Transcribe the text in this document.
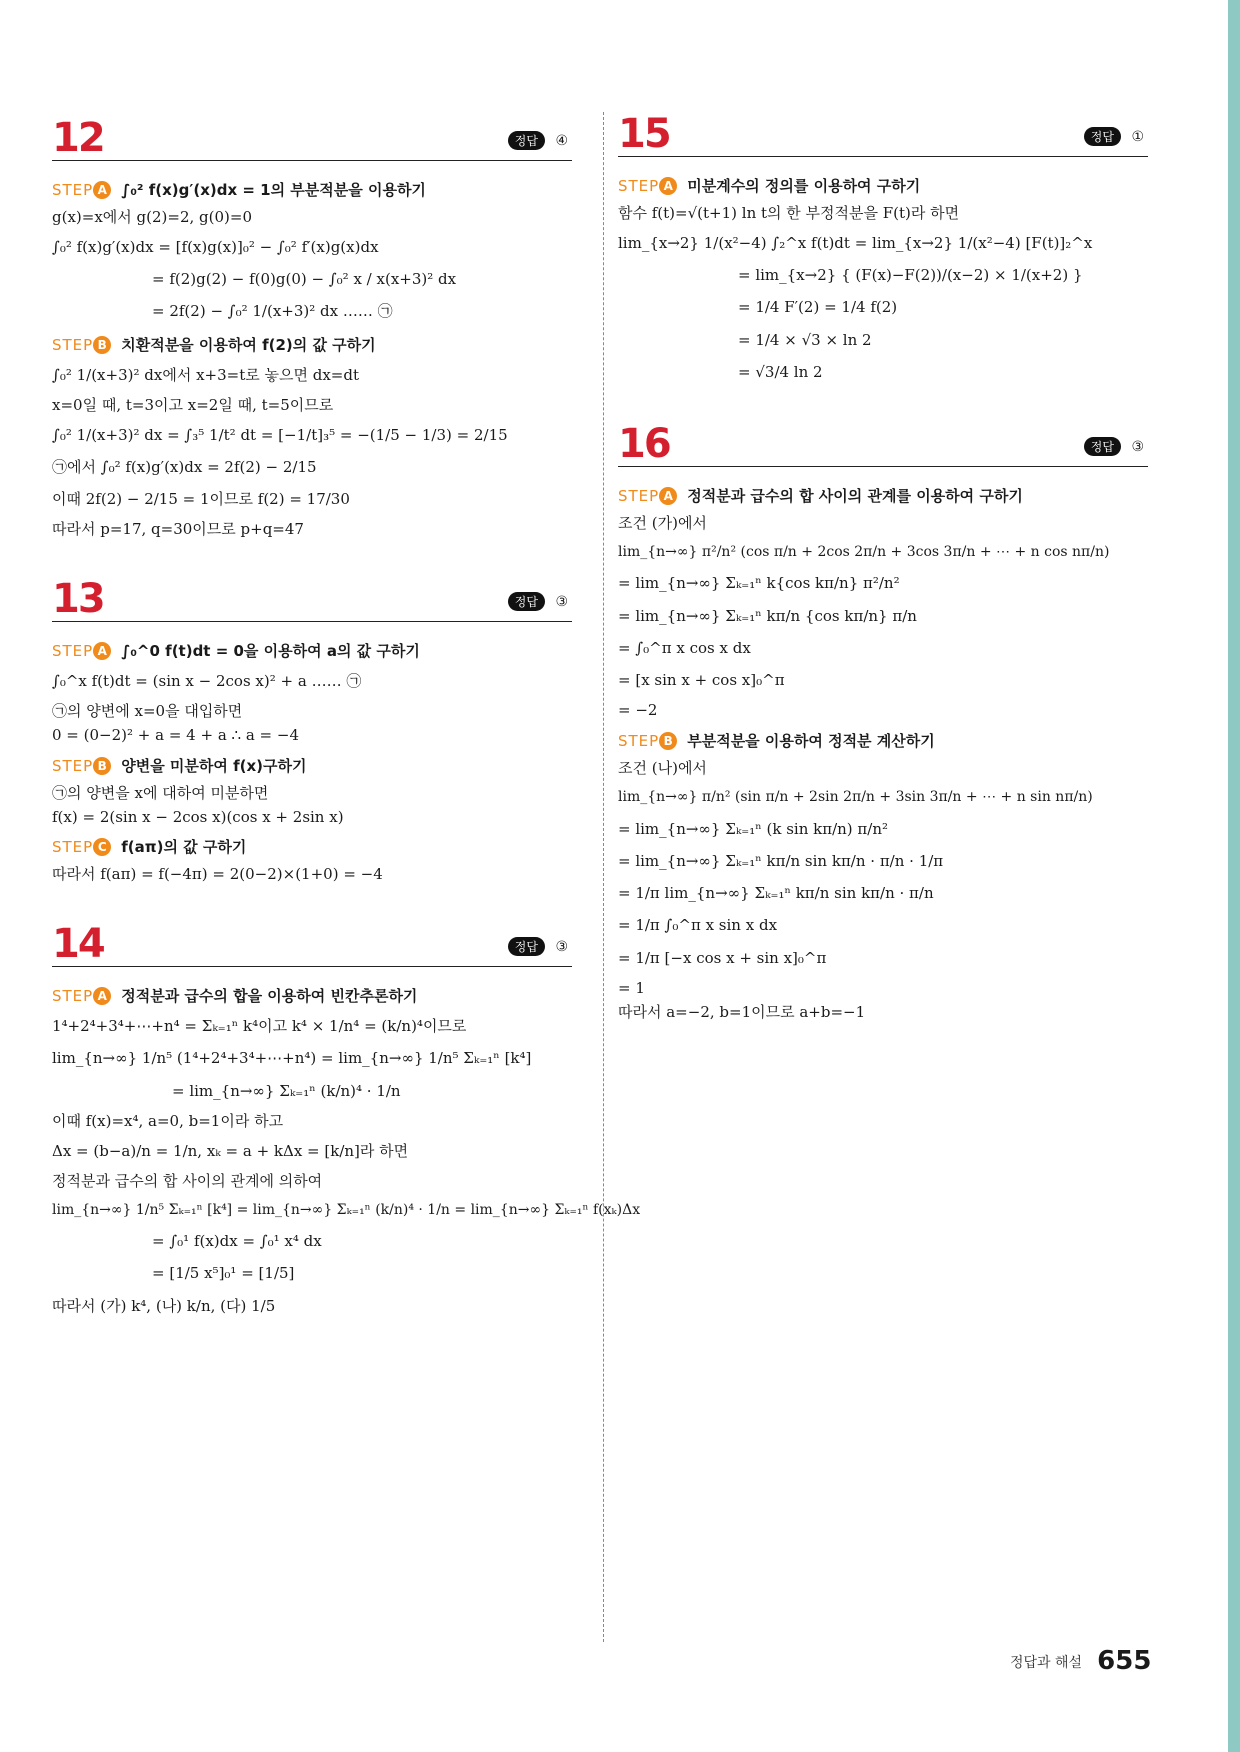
12	정답 ④
STEP A ∫₀² f(x)g′(x)dx = 1의 부분적분을 이용하기
g(x)=x에서 g(2)=2, g(0)=0
∫₀² f(x)g′(x)dx = [f(x)g(x)]₀² − ∫₀² f′(x)g(x)dx
= f(2)g(2) − f(0)g(0) − ∫₀² x / x(x+3)² dx
= 2f(2) − ∫₀² 1/(x+3)² dx …… ㉠
STEP B 치환적분을 이용하여 f(2)의 값 구하기
∫₀² 1/(x+3)² dx에서 x+3=t로 놓으면 dx=dt
x=0일 때, t=3이고 x=2일 때, t=5이므로
∫₀² 1/(x+3)² dx = ∫₃⁵ 1/t² dt = [−1/t]₃⁵ = −(1/5 − 1/3) = 2/15
㉠에서 ∫₀² f(x)g′(x)dx = 2f(2) − 2/15
이때 2f(2) − 2/15 = 1이므로 f(2) = 17/30
따라서 p=17, q=30이므로 p+q=47
13	정답 ③
STEP A ∫₀^0 f(t)dt = 0을 이용하여 a의 값 구하기
∫₀^x f(t)dt = (sin x − 2cos x)² + a …… ㉠
㉠의 양변에 x=0을 대입하면
0 = (0−2)² + a = 4 + a ∴ a = −4
STEP B 양변을 미분하여 f(x)구하기
㉠의 양변을 x에 대하여 미분하면
f(x) = 2(sin x − 2cos x)(cos x + 2sin x)
STEP C f(aπ)의 값 구하기
따라서 f(aπ) = f(−4π) = 2(0−2)×(1+0) = −4
14	정답 ③
STEP A 정적분과 급수의 합을 이용하여 빈칸추론하기
1⁴+2⁴+3⁴+⋯+n⁴ = Σₖ₌₁ⁿ k⁴이고 k⁴ × 1/n⁴ = (k/n)⁴이므로
lim_{n→∞} 1/n⁵ (1⁴+2⁴+3⁴+⋯+n⁴) = lim_{n→∞} 1/n⁵ Σₖ₌₁ⁿ [k⁴]
= lim_{n→∞} Σₖ₌₁ⁿ (k/n)⁴ · 1/n
이때 f(x)=x⁴, a=0, b=1이라 하고
Δx = (b−a)/n = 1/n, xₖ = a + kΔx = [k/n]라 하면
정적분과 급수의 합 사이의 관계에 의하여
lim_{n→∞} 1/n⁵ Σₖ₌₁ⁿ [k⁴] = lim_{n→∞} Σₖ₌₁ⁿ (k/n)⁴ · 1/n = lim_{n→∞} Σₖ₌₁ⁿ f(xₖ)Δx
= ∫₀¹ f(x)dx = ∫₀¹ x⁴ dx
= [1/5 x⁵]₀¹ = [1/5]
따라서 (가) k⁴, (나) k/n, (다) 1/5
15	정답 ①
STEP A 미분계수의 정의를 이용하여 구하기
함수 f(t)=√(t+1) ln t의 한 부정적분을 F(t)라 하면
lim_{x→2} 1/(x²−4) ∫₂^x f(t)dt = lim_{x→2} 1/(x²−4) [F(t)]₂^x
= lim_{x→2} { (F(x)−F(2))/(x−2) × 1/(x+2) }
= 1/4 F′(2) = 1/4 f(2)
= 1/4 × √3 × ln 2
= √3/4 ln 2
16	정답 ③
STEP A 정적분과 급수의 합 사이의 관계를 이용하여 구하기
조건 (가)에서
lim_{n→∞} π²/n² (cos π/n + 2cos 2π/n + 3cos 3π/n + ⋯ + n cos nπ/n)
= lim_{n→∞} Σₖ₌₁ⁿ k{cos kπ/n} π²/n²
= lim_{n→∞} Σₖ₌₁ⁿ kπ/n {cos kπ/n} π/n
= ∫₀^π x cos x dx
= [x sin x + cos x]₀^π
= −2
STEP B 부분적분을 이용하여 정적분 계산하기
조건 (나)에서
lim_{n→∞} π/n² (sin π/n + 2sin 2π/n + 3sin 3π/n + ⋯ + n sin nπ/n)
= lim_{n→∞} Σₖ₌₁ⁿ (k sin kπ/n) π/n²
= lim_{n→∞} Σₖ₌₁ⁿ kπ/n sin kπ/n · π/n · 1/π
= 1/π lim_{n→∞} Σₖ₌₁ⁿ kπ/n sin kπ/n · π/n
= 1/π ∫₀^π x sin x dx
= 1/π [−x cos x + sin x]₀^π
= 1
따라서 a=−2, b=1이므로 a+b=−1
정답과 해설 655
